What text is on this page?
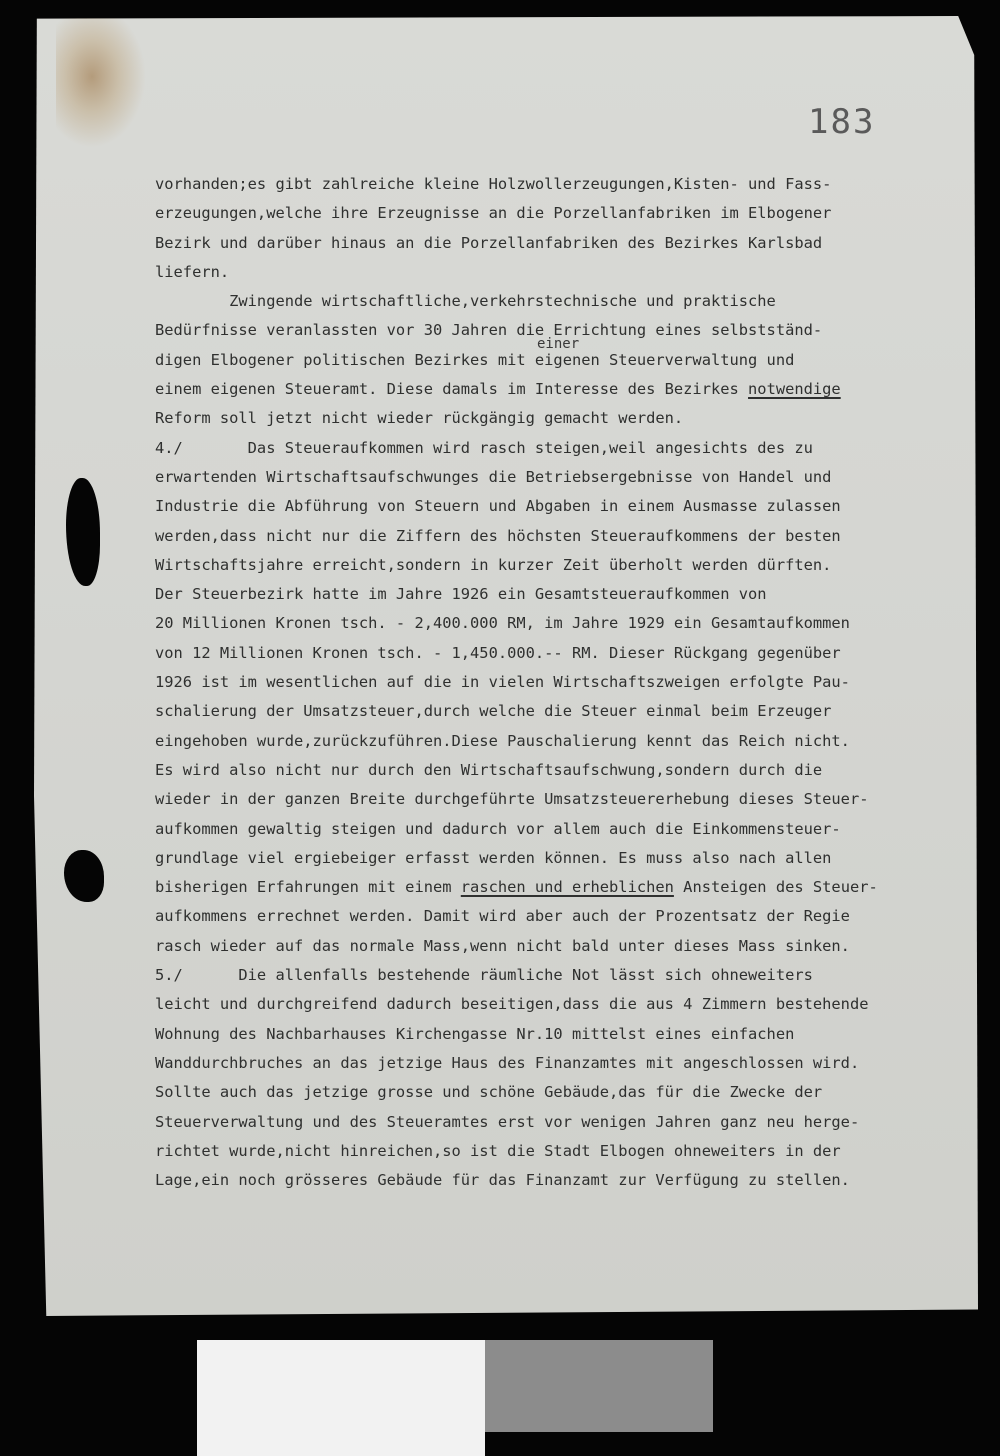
183
einer
vorhanden;es gibt zahlreiche kleine Holzwollerzeugungen,Kisten- und Fass-
erzeugungen,welche ihre Erzeugnisse an die Porzellanfabriken im Elbogener
Bezirk und darüber hinaus an die Porzellanfabriken des Bezirkes Karlsbad
liefern.
Zwingende wirtschaftliche,verkehrstechnische und praktische
Bedürfnisse veranlassten vor 30 Jahren die Errichtung eines selbstständ-
digen Elbogener politischen Bezirkes mit eigenen Steuerverwaltung und
einem eigenen Steueramt. Diese damals im Interesse des Bezirkes notwendige
Reform soll jetzt nicht wieder rückgängig gemacht werden.
4./       Das Steueraufkommen wird rasch steigen,weil angesichts des zu
erwartenden Wirtschaftsaufschwunges die Betriebsergebnisse von Handel und
Industrie die Abführung von Steuern und Abgaben in einem Ausmasse zulassen
werden,dass nicht nur die Ziffern des höchsten Steueraufkommens der besten
Wirtschaftsjahre erreicht,sondern in kurzer Zeit überholt werden dürften.
Der Steuerbezirk hatte im Jahre 1926 ein Gesamtsteueraufkommen von
20 Millionen Kronen tsch. - 2,400.000 RM, im Jahre 1929 ein Gesamtaufkommen
von 12 Millionen Kronen tsch. - 1,450.000.-- RM. Dieser Rückgang gegenüber
1926 ist im wesentlichen auf die in vielen Wirtschaftszweigen erfolgte Pau-
schalierung der Umsatzsteuer,durch welche die Steuer einmal beim Erzeuger
eingehoben wurde,zurückzuführen.Diese Pauschalierung kennt das Reich nicht.
Es wird also nicht nur durch den Wirtschaftsaufschwung,sondern durch die
wieder in der ganzen Breite durchgeführte Umsatzsteuererhebung dieses Steuer-
aufkommen gewaltig steigen und dadurch vor allem auch die Einkommensteuer-
grundlage viel ergiebeiger erfasst werden können. Es muss also nach allen
bisherigen Erfahrungen mit einem raschen und erheblichen Ansteigen des Steuer-
aufkommens errechnet werden. Damit wird aber auch der Prozentsatz der Regie
rasch wieder auf das normale Mass,wenn nicht bald unter dieses Mass sinken.
5./      Die allenfalls bestehende räumliche Not lässt sich ohneweiters
leicht und durchgreifend dadurch beseitigen,dass die aus 4 Zimmern bestehende
Wohnung des Nachbarhauses Kirchengasse Nr.10 mittelst eines einfachen
Wanddurchbruches an das jetzige Haus des Finanzamtes mit angeschlossen wird.
Sollte auch das jetzige grosse und schöne Gebäude,das für die Zwecke der
Steuerverwaltung und des Steueramtes erst vor wenigen Jahren ganz neu herge-
richtet wurde,nicht hinreichen,so ist die Stadt Elbogen ohneweiters in der
Lage,ein noch grösseres Gebäude für das Finanzamt zur Verfügung zu stellen.
